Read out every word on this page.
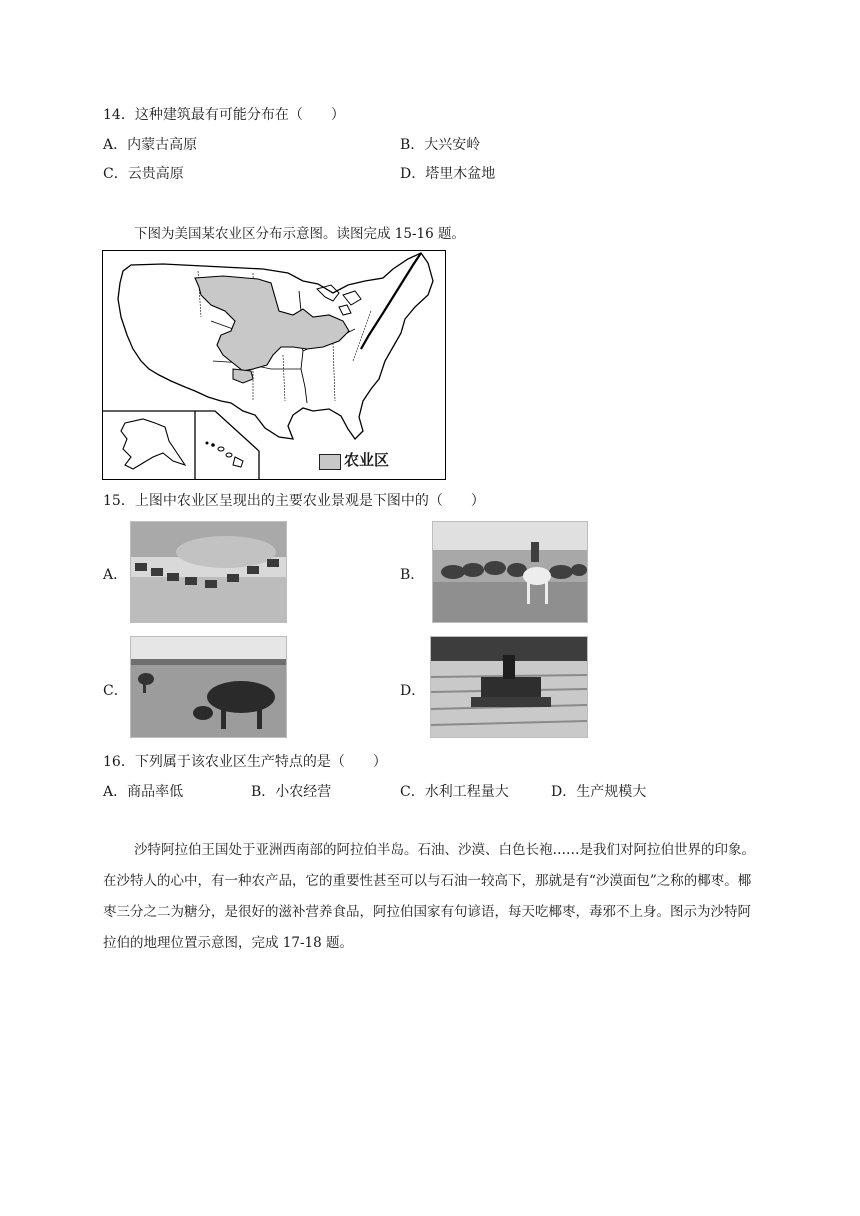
14．这种建筑最有可能分布在（　　）
A．内蒙古高原	B．大兴安岭
C．云贵高原	D．塔里木盆地
下图为美国某农业区分布示意图。读图完成 15-16 题。
农业区
15．上图中农业区呈现出的主要农业景观是下图中的（　　）
A．	B．
C．	D．
16．下列属于该农业区生产特点的是（　　）
A．商品率低	B．小农经营	C．水利工程量大	D．生产规模大
沙特阿拉伯王国处于亚洲西南部的阿拉伯半岛。石油、沙漠、白色长袍……是我们对阿拉伯世界的印象。在沙特人的心中，有一种农产品，它的重要性甚至可以与石油一较高下，那就是有“沙漠面包”之称的椰枣。椰枣三分之二为糖分，是很好的滋补营养食品，阿拉伯国家有句谚语，每天吃椰枣，毒邪不上身。图示为沙特阿拉伯的地理位置示意图，完成 17-18 题。
